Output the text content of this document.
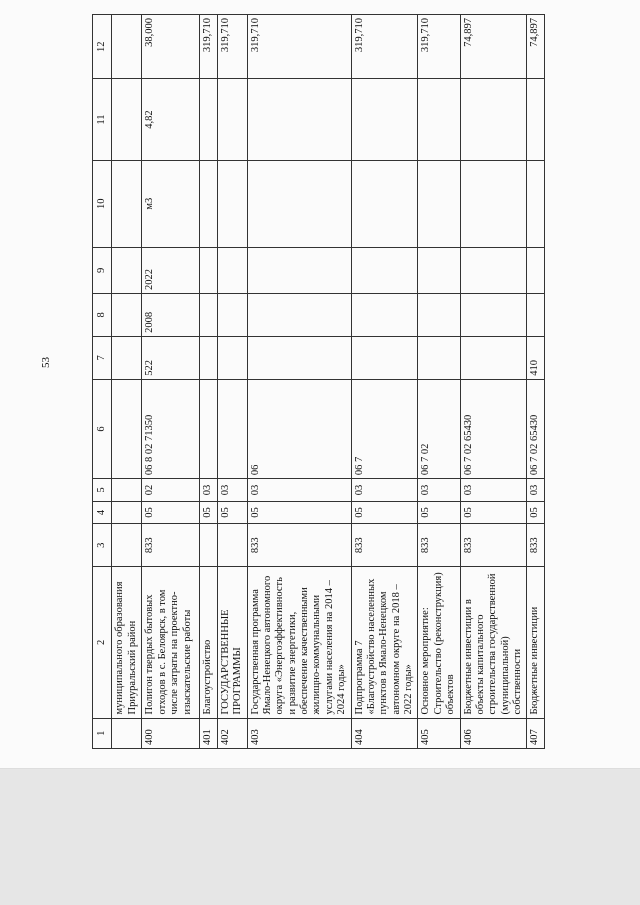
53
1	2	3	4	5	6	7	8	9	10	11	12
	муниципального образования Приуральский район										
400	Полигон твердых бытовых отходов в с. Белоярск, в том числе затраты на проектно-изыскательские работы	833	05	02	06 8 02 71350	522	2008	2022	м3	4,82	38,000
401	Благоустройство		05	03							319,710
402	ГОСУДАРСТВЕННЫЕ ПРОГРАММЫ		05	03							319,710
403	Государственная программа Ямало-Ненецкого автономного округа «Энергоэффективность и развитие энергетики, обеспечение качественными жилищно-коммунальными услугами населения на 2014 – 2024 годы»	833	05	03	06						319,710
404	Подпрограмма 7 «Благоустройство населенных пунктов в Ямало-Ненецком автономном округе на 2018 – 2022 годы»	833	05	03	06 7						319,710
405	Основное мероприятие: Строительство (реконструкция) объектов	833	05	03	06 7 02						319,710
406	Бюджетные инвестиции в объекты капитального строительства государственной (муниципальной) собственности	833	05	03	06 7 02 65430						74,897
407	Бюджетные инвестиции	833	05	03	06 7 02 65430	410					74,897
